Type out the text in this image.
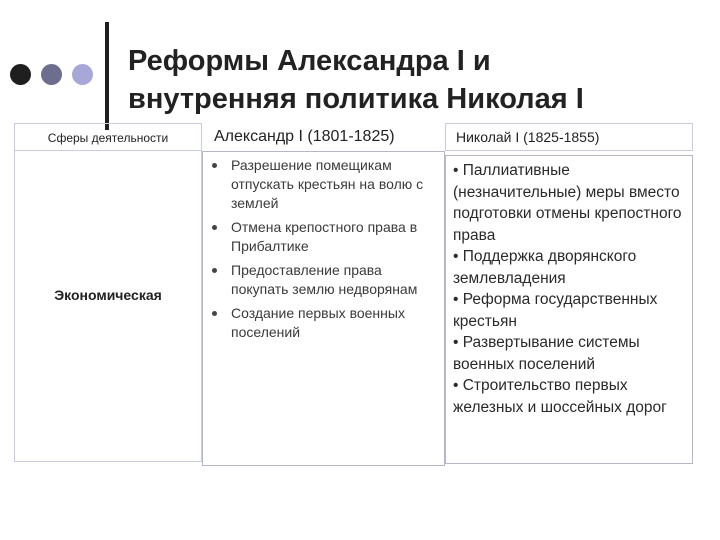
Реформы Александра I и
внутренняя политика Николая I
Сферы деятельности
Экономическая
Александр I (1801-1825)
Разрешение помещикам отпускать крестьян на волю с землей
Отмена крепостного права в Прибалтике
Предоставление права покупать землю недворянам
Создание первых военных поселений
Николай I (1825-1855)

• Паллиативные (незначительные) меры вместо подготовки отмены крепостного права
• Поддержка дворянского землевладения
• Реформа государственных крестьян
• Развертывание системы военных поселений
• Строительство первых железных и шоссейных дорог
